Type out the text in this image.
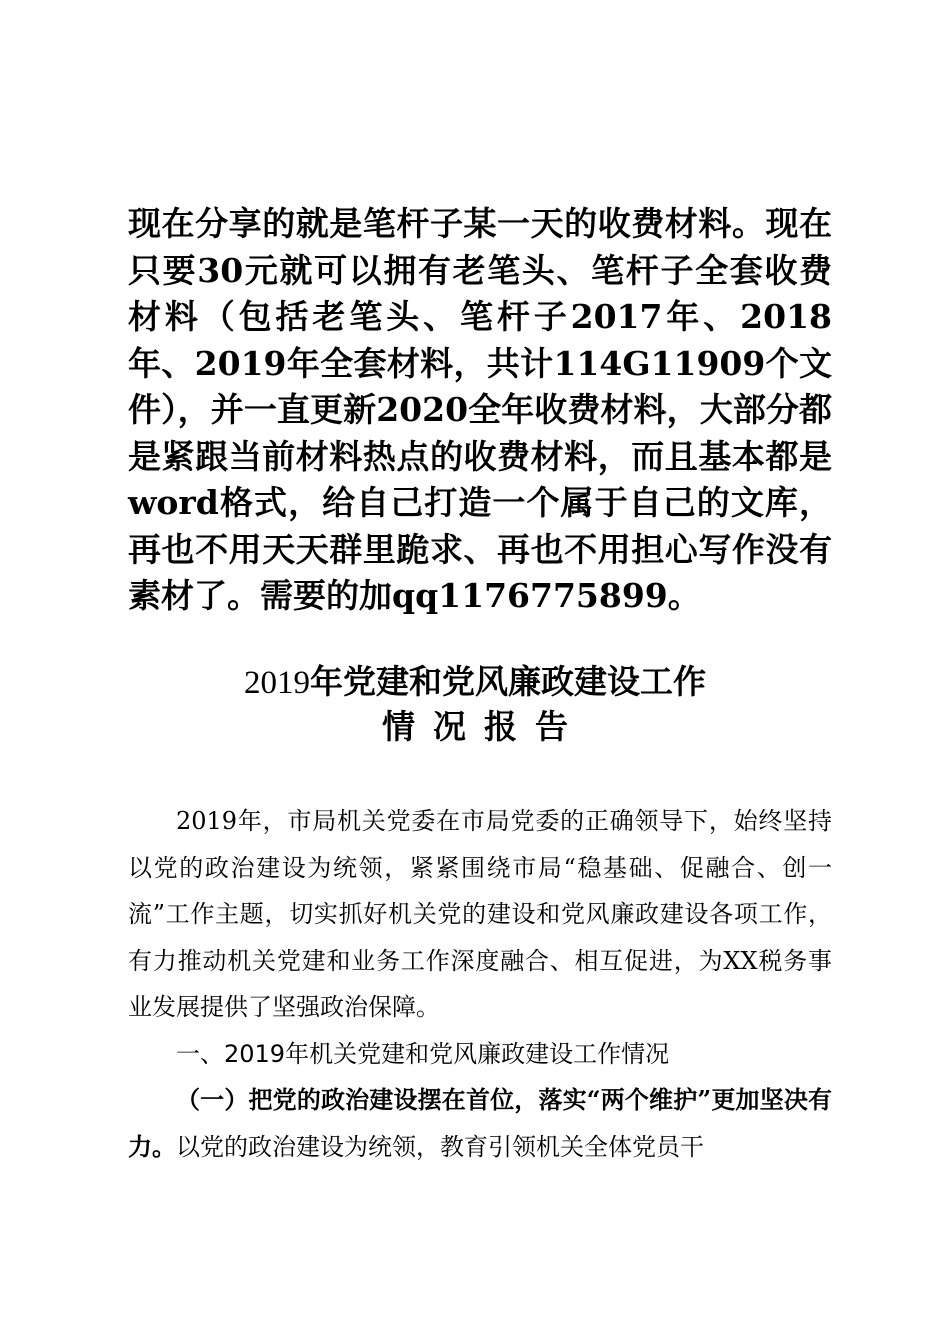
现在分享的就是笔杆子某一天的收费材料。现在只要30元就可以拥有老笔头、笔杆子全套收费材料（包括老笔头、笔杆子2017年、2018年、2019年全套材料，共计114G11909个文件），并一直更新2020全年收费材料，大部分都是紧跟当前材料热点的收费材料，而且基本都是word格式，给自己打造一个属于自己的文库，再也不用天天群里跪求、再也不用担心写作没有素材了。需要的加qq1176775899。

2019年党建和党风廉政建设工作
情况报告

2019年，市局机关党委在市局党委的正确领导下，始终坚持以党的政治建设为统领，紧紧围绕市局“稳基础、促融合、创一流”工作主题，切实抓好机关党的建设和党风廉政建设各项工作，有力推动机关党建和业务工作深度融合、相互促进，为XX税务事业发展提供了坚强政治保障。

一、2019年机关党建和党风廉政建设工作情况

（一）把党的政治建设摆在首位，落实“两个维护”更加坚决有力。以党的政治建设为统领，教育引领机关全体党员干
